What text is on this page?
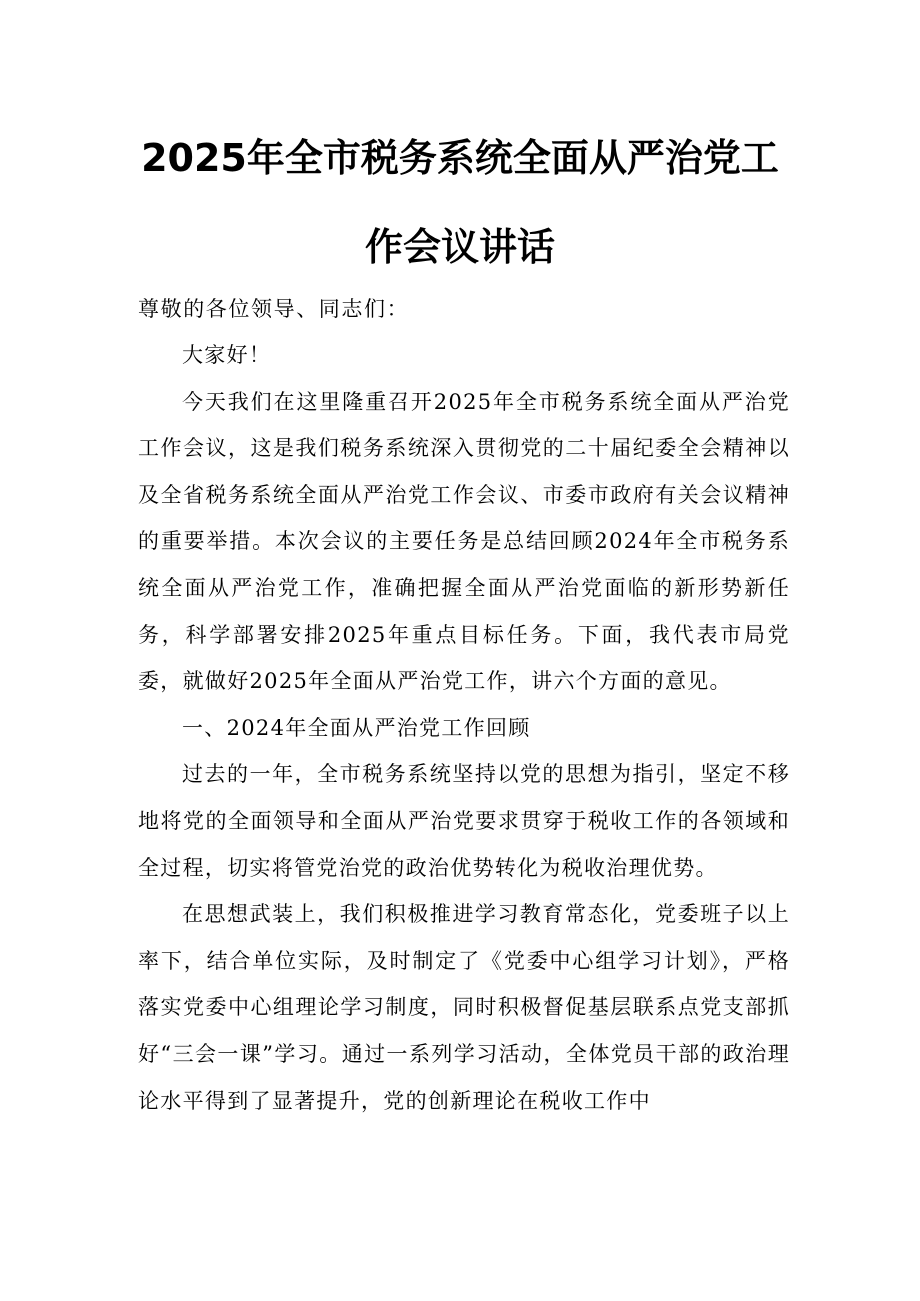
2025年全市税务系统全面从严治党工
作会议讲话
尊敬的各位领导、同志们：

大家好！

今天我们在这里隆重召开2025年全市税务系统全面从严治党工作会议，这是我们税务系统深入贯彻党的二十届纪委全会精神以及全省税务系统全面从严治党工作会议、市委市政府有关会议精神的重要举措。本次会议的主要任务是总结回顾2024年全市税务系统全面从严治党工作，准确把握全面从严治党面临的新形势新任务，科学部署安排2025年重点目标任务。下面，我代表市局党委，就做好2025年全面从严治党工作，讲六个方面的意见。

一、2024年全面从严治党工作回顾

过去的一年，全市税务系统坚持以党的思想为指引，坚定不移地将党的全面领导和全面从严治党要求贯穿于税收工作的各领域和全过程，切实将管党治党的政治优势转化为税收治理优势。

在思想武装上，我们积极推进学习教育常态化，党委班子以上率下，结合单位实际，及时制定了《党委中心组学习计划》，严格落实党委中心组理论学习制度，同时积极督促基层联系点党支部抓好“三会一课”学习。通过一系列学习活动，全体党员干部的政治理论水平得到了显著提升，党的创新理论在税收工作中
